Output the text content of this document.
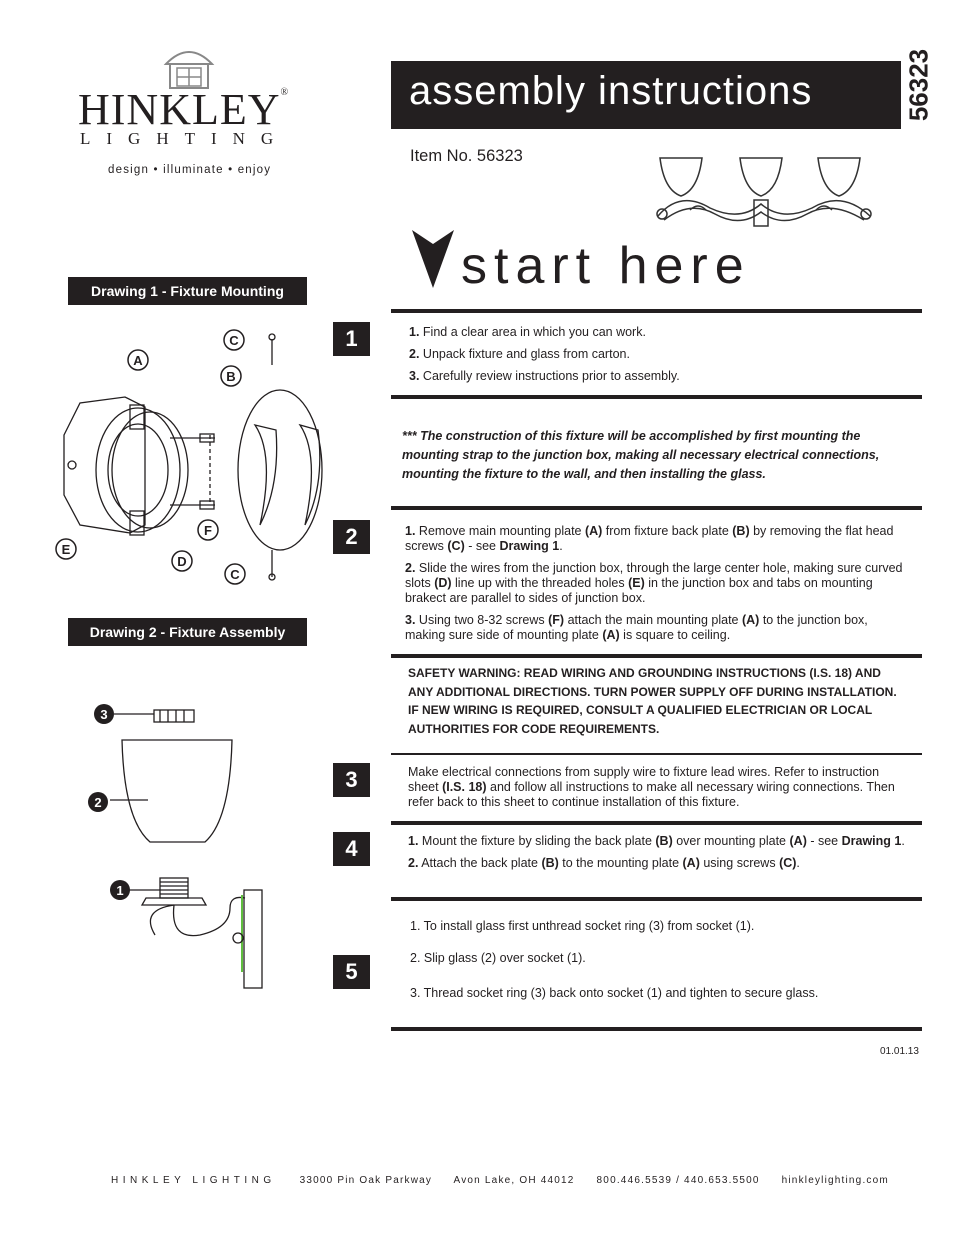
HINKLEY®
LIGHTING
design • illuminate • enjoy
assembly instructions	56323
Item No. 56323
start here
Drawing 1 - Fixture Mounting
A
B
C
C
D
E
F
Drawing 2 - Fixture Assembly
3
2
1
1	1. Find a clear area in which you can work.

2. Unpack fixture and glass from carton.

3. Carefully review instructions prior to assembly.

*** The construction of this fixture will be accomplished by first mounting the mounting strap to the junction box, making all necessary electrical connections, mounting the fixture to the wall, and then installing the glass.
2	1. Remove main mounting plate (A) from fixture back plate (B) by removing the flat head screws (C) - see Drawing 1.

2. Slide the wires from the junction box, through the large center hole, making sure curved slots (D) line up with the threaded holes (E) in the junction box and tabs on mounting brakect are parallel to sides of junction box.

3. Using two 8-32 screws (F) attach the main mounting plate (A) to the junction box, making sure side of mounting plate (A) is square to ceiling.

SAFETY WARNING: READ WIRING AND GROUNDING INSTRUCTIONS (I.S. 18) AND ANY ADDITIONAL DIRECTIONS. TURN POWER SUPPLY OFF DURING INSTALLATION. IF NEW WIRING IS REQUIRED, CONSULT A QUALIFIED ELECTRICIAN OR LOCAL AUTHORITIES FOR CODE REQUIREMENTS.
3	Make electrical connections from supply wire to fixture lead wires. Refer to instruction sheet (I.S. 18) and follow all instructions to make all necessary wiring connections. Then refer back to this sheet to continue installation of this fixture.

4	1. Mount the fixture by sliding the back plate (B) over mounting plate (A) - see Drawing 1.

2. Attach the back plate (B) to the mounting plate (A) using screws (C).

5
1. To install glass first unthread socket ring (3) from socket (1).
2. Slip glass (2) over socket (1).
3. Thread socket ring (3) back onto socket (1) and tighten to secure glass.
01.01.13
HINKLEY LIGHTING 33000 Pin Oak Parkway Avon Lake, OH 44012 800.446.5539 / 440.653.5500 hinkleylighting.com
